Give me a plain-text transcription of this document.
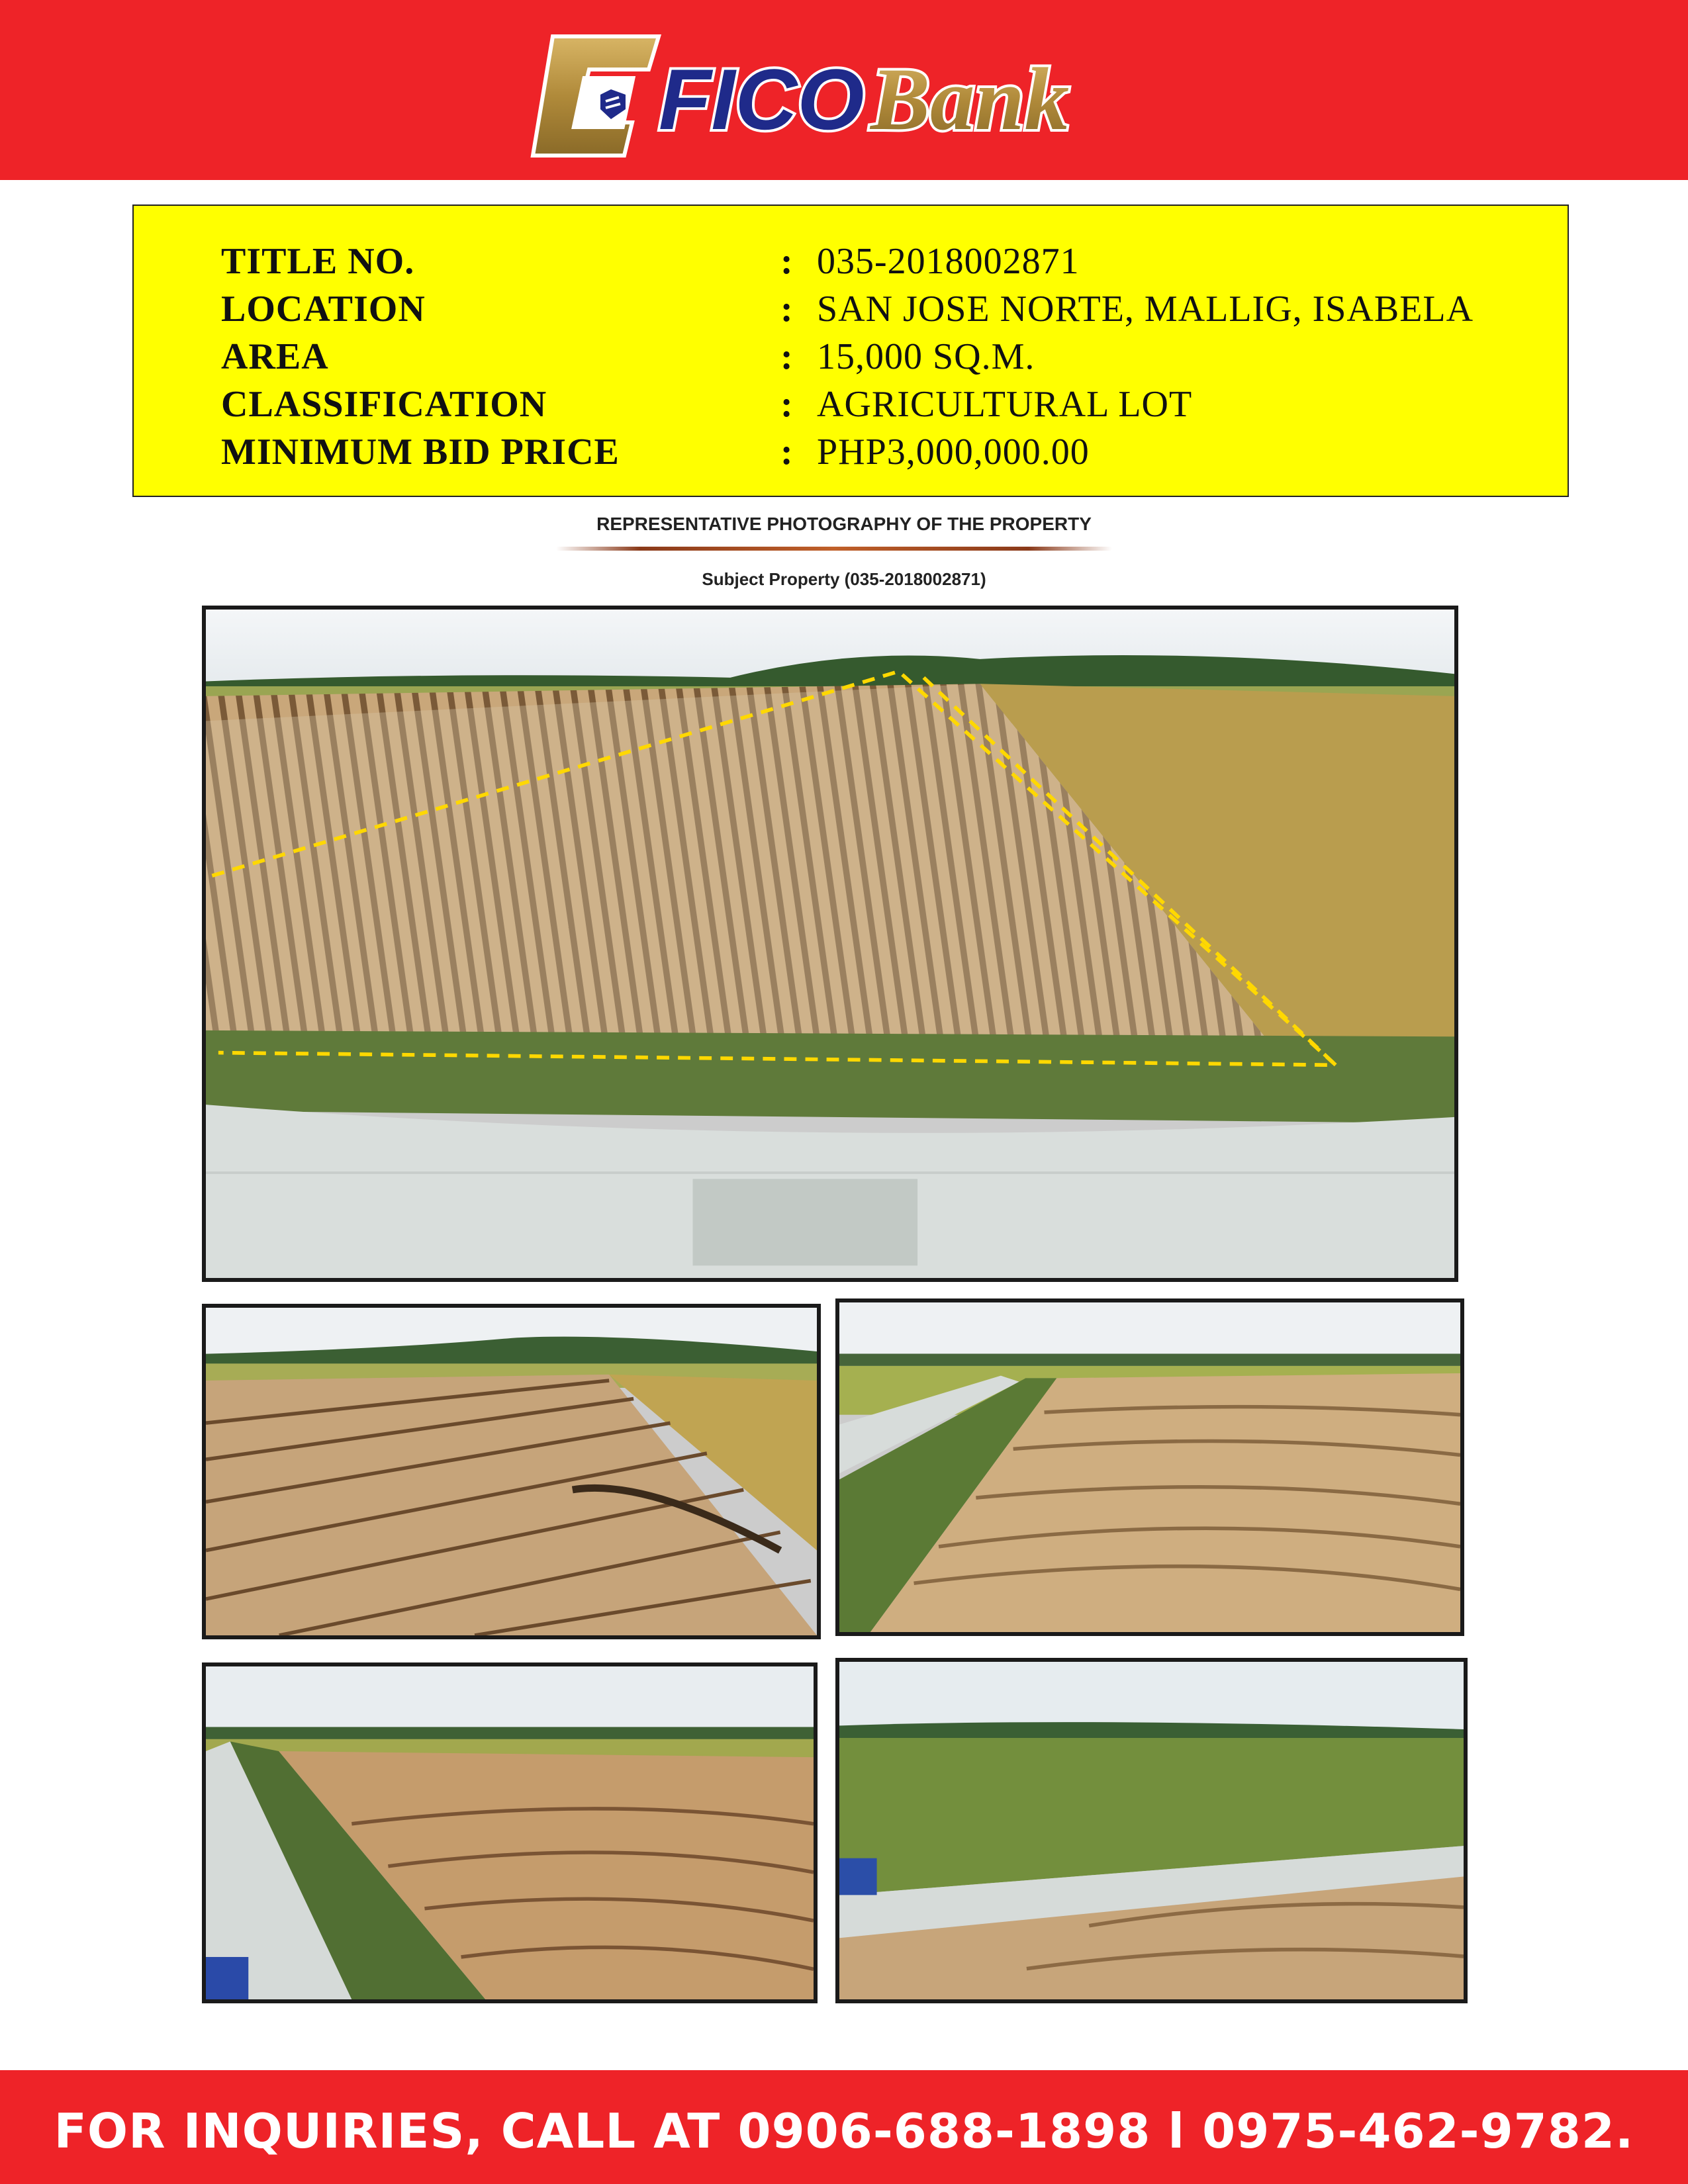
FICO Bank
TITLE NO.	: 035-2018002871
LOCATION	: SAN JOSE NORTE, MALLIG, ISABELA
AREA	: 15,000 SQ.M.
CLASSIFICATION	: AGRICULTURAL LOT
MINIMUM BID PRICE	: PHP3,000,000.00
REPRESENTATIVE PHOTOGRAPHY OF THE PROPERTY
Subject Property (035-2018002871)
FOR INQUIRIES, CALL AT 0906-688-1898 l 0975-462-9782.
